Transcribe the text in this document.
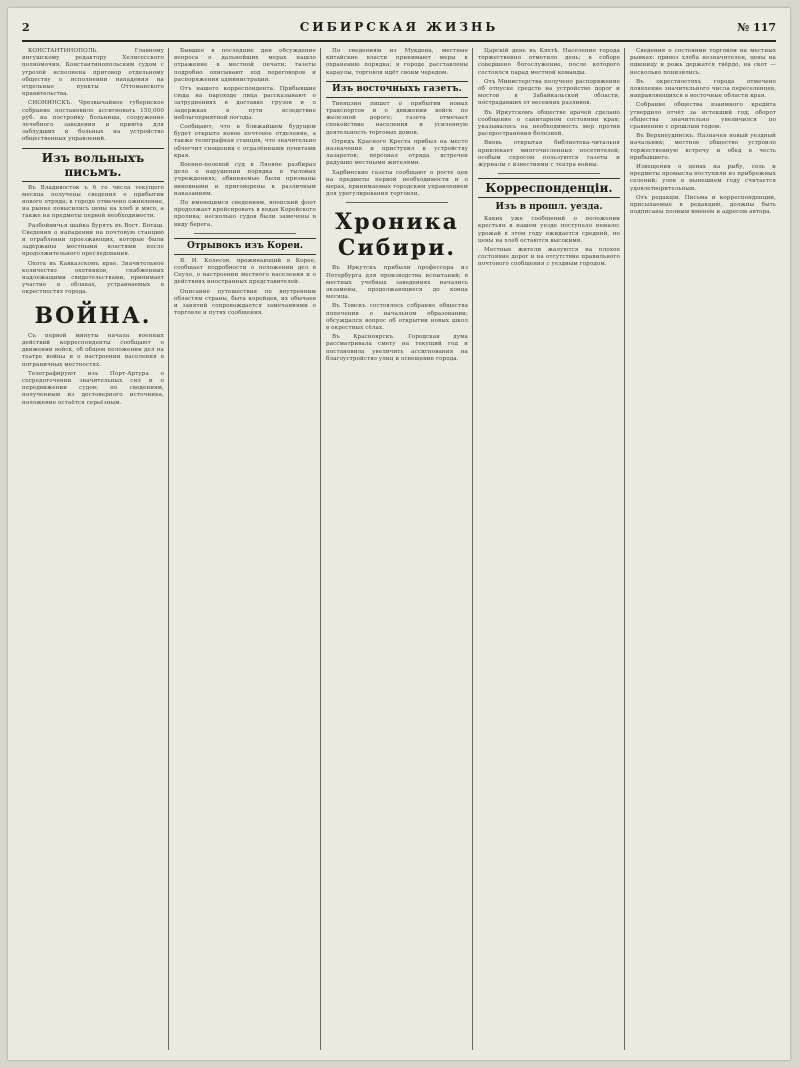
2	СИБИРСКАЯ ЖИЗНЬ	№ 117

КОНСТАНТИНОПОЛЬ. Главному ингушскому редактору Хелисесского полномочия, Константинопольским судом с угрозой исполнена приговор отдельному обществу о исполнении нападения на отдельные пункты Оттоманского правительства.

СИОНИНСКЪ. Чрезвычайное губернское собрание постановило ассигновать 150,000 руб. на постройку больницы, сооружение лечебного заведения и приюта для заблудших и больных на устройство общественных управлений.

Изъ вольныхъ письмъ.

Въ Владивосток ъ 6 го числа текущего месяца получены сведения о прибытии нового отряда; в городе отмечено оживление, на рынке повысились цены на хлеб и мясо, а также на предметы первой необходимости.

Разбойничья шайка бурятъ въ Вост. Боташ. Сведения о нападении на почтовую станцию и ограблении проезжающих, которые были задержаны местными властями после продолжительного преследования.

Охота въ Кавказскомъ крае. Значительное количество охотников, снабженных надлежащими свидетельствами, принимает участие в облавах, устраиваемых в окрестностях города.

ВОЙНА.

Съ первой минуты начала военных действий корреспонденты сообщают о движении войск, об общем положении дел на театре войны и о настроении населения в пограничных местностях.

Телеграфируют изъ Порт-Артура о сосредоточении значительных сил и о передвижении судов; по сведениям, полученным из достоверного источника, положение остаётся серьёзным.

Бывшее в последние дни обсуждение вопроса о дальнейших мерах нашло отражение в местной печати; газеты подробно описывают ход переговоров и распоряжения администрации.

Отъ нашего корреспондента. Прибывшие сюда на пароходе лица рассказывают о затруднениях в доставке грузов и о задержках в пути вследствие неблагоприятной погоды.

Сообщают, что в ближайшем будущем будет открыто новое почтовое отделение, а также телеграфная станция, что значительно облегчит сношения с отдалёнными пунктами края.

Военно-полевой суд в Ляояне разбирал дело о нарушении порядка в тыловых учреждениях; обвиняемые были признаны виновными и приговорены к различным наказаниям.

По имеющимся сведениям, японский флот продолжает крейсировать в водах Корейского пролива; несколько судов были замечены в виду берега.

Отрывокъ изъ Кореи.

В. И. Колесов, проживающий в Корее, сообщает подробности о положении дел в Сеуле, о настроении местного населения и о действиях иностранных представителей.

Описание путешествия по внутренним областям страны, быта корейцев, их обычаев и занятий сопровождается замечаниями о торговле и путях сообщения.

По сведениям из Мукдена, местные китайские власти принимают меры к охранению порядка; в городе расставлены караулы, торговля идёт своим чередом.

Изъ восточныхъ газетъ.

Тиенцзин пишет о прибытии новых транспортов и о движении войск по железной дороге; газета отмечает спокойствие населения и усиленную деятельность торговых домов.

Отрядъ Красного Креста прибыл на место назначения и приступил к устройству лазаретов; персонал отряда встречен радушно местными жителями.

Харбинские газеты сообщают о росте цен на предметы первой необходимости и о мерах, принимаемых городским управлением для урегулирования торговли.

Хроника Сибири.

Въ Иркутскъ прибыли профессора из Петербурга для производства испытаний; в местных учебных заведениях начались экзамены, продолжающиеся до конца месяца.

Въ Томскъ состоялось собрание общества попечения о начальном образовании; обсуждался вопрос об открытии новых школ в окрестных сёлах.

Въ Красноярскъ. Городская дума рассматривала смету на текущий год и постановила увеличить ассигнования на благоустройство улиц и освещение города.

Царскій день въ Кяхтѣ. Население города торжественно отметило день; в соборе совершено богослужение, после которого состоялся парад местной команды.

Отъ Министерства получено распоряжение об отпуске средств на устройство дорог и мостов в Забайкальской области, пострадавших от весенних разливов.

Въ Иркутскомъ обществе врачей сделано сообщение о санитарном состоянии края; указывалось на необходимость мер против распространения болезней.

Вновь открытая библиотека-читальня привлекает многочисленных посетителей; особым спросом пользуются газеты и журналы с известиями с театра войны.

Корреспонденціи.
Изъ в прошл. уезда.

Каких уже сообщений о положении крестьян в нашем уезде поступало немало; урожай в этом году ожидается средний, но цены на хлеб остаются высокими.

Местные жители жалуются на плохое состояние дорог и на отсутствие правильного почтового сообщения с уездным городом.

Сведения о состоянии торговли на местных рынках: привоз хлеба незначителен, цены на пшеницу и рожь держатся твёрдо, на скот — несколько понизились.

Въ окрестностяхъ города отмечено появление значительного числа переселенцев, направляющихся в восточные области края.

Собрание общества взаимного кредита утвердило отчёт за истекший год; оборот общества значительно увеличился по сравнению с прошлым годом.

Въ Верхнеудинскъ. Назначен новый уездный начальник; местное общество устроило торжественную встречу и обед в честь прибывшего.

Извещения о ценах на рыбу, соль и предметы промысла поступили из прибрежных селений; улов в нынешнем году считается удовлетворительным.

Отъ редакціи. Письма и корреспонденции, присылаемые в редакцию, должны быть подписаны полным именем и адресом автора.
